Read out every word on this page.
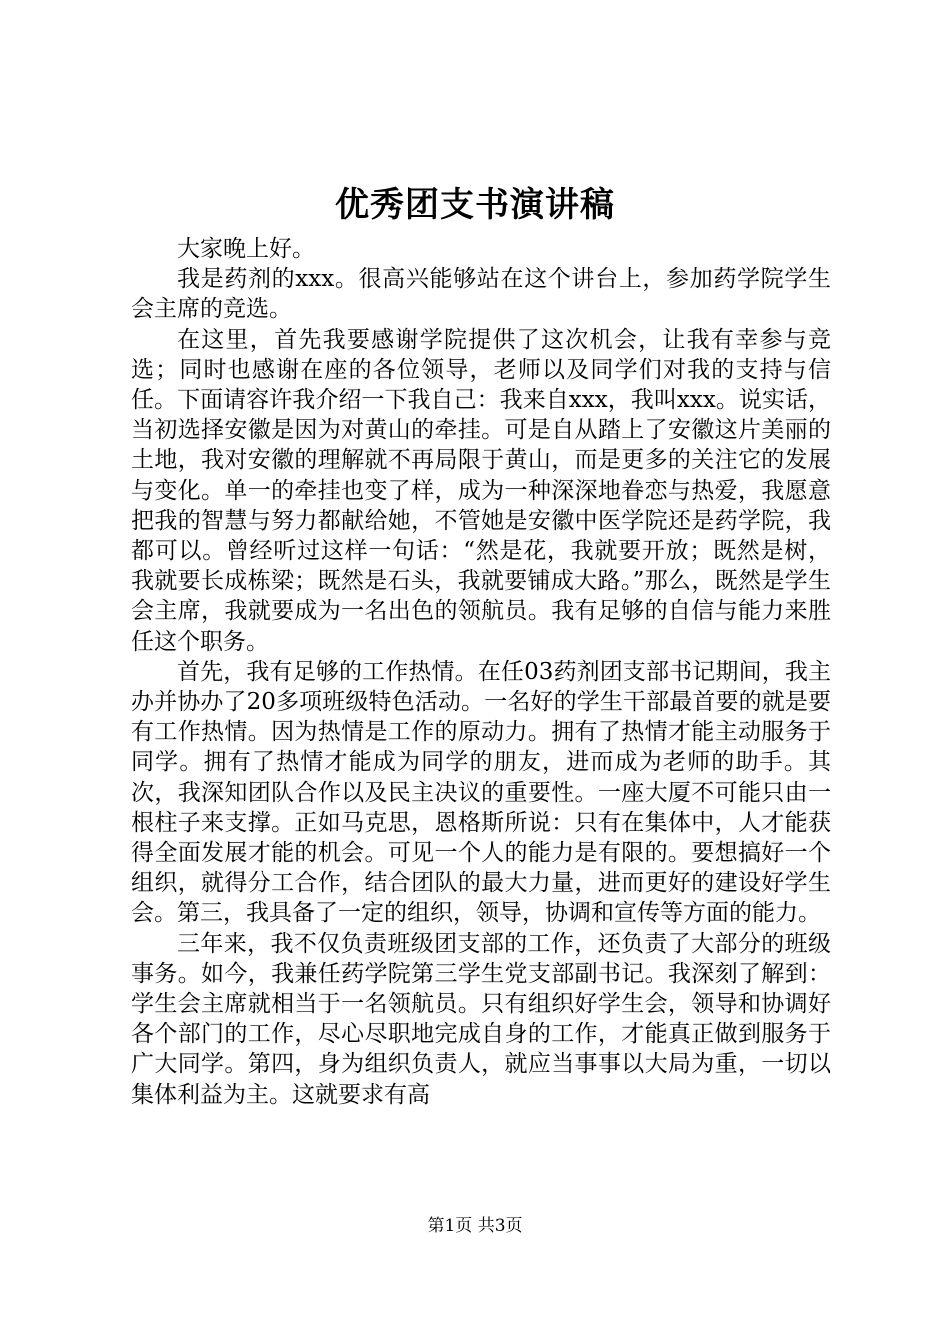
优秀团支书演讲稿

大家晚上好。

我是药剂的xxx。很高兴能够站在这个讲台上，参加药学院学生会主席的竞选。

在这里，首先我要感谢学院提供了这次机会，让我有幸参与竞选；同时也感谢在座的各位领导，老师以及同学们对我的支持与信任。下面请容许我介绍一下我自己：我来自xxx，我叫xxx。说实话，当初选择安徽是因为对黄山的牵挂。可是自从踏上了安徽这片美丽的土地，我对安徽的理解就不再局限于黄山，而是更多的关注它的发展与变化。单一的牵挂也变了样，成为一种深深地眷恋与热爱，我愿意把我的智慧与努力都献给她，不管她是安徽中医学院还是药学院，我都可以。曾经听过这样一句话：“然是花，我就要开放；既然是树，我就要长成栋梁；既然是石头，我就要铺成大路。”那么，既然是学生会主席，我就要成为一名出色的领航员。我有足够的自信与能力来胜任这个职务。

首先，我有足够的工作热情。在任03药剂团支部书记期间，我主办并协办了20多项班级特色活动。一名好的学生干部最首要的就是要有工作热情。因为热情是工作的原动力。拥有了热情才能主动服务于同学。拥有了热情才能成为同学的朋友，进而成为老师的助手。其次，我深知团队合作以及民主决议的重要性。一座大厦不可能只由一根柱子来支撑。正如马克思，恩格斯所说：只有在集体中，人才能获得全面发展才能的机会。可见一个人的能力是有限的。要想搞好一个组织，就得分工合作，结合团队的最大力量，进而更好的建设好学生会。第三，我具备了一定的组织，领导，协调和宣传等方面的能力。

三年来，我不仅负责班级团支部的工作，还负责了大部分的班级事务。如今，我兼任药学院第三学生党支部副书记。我深刻了解到：学生会主席就相当于一名领航员。只有组织好学生会，领导和协调好各个部门的工作，尽心尽职地完成自身的工作，才能真正做到服务于广大同学。第四，身为组织负责人，就应当事事以大局为重，一切以集体利益为主。这就要求有高

第1页 共3页
